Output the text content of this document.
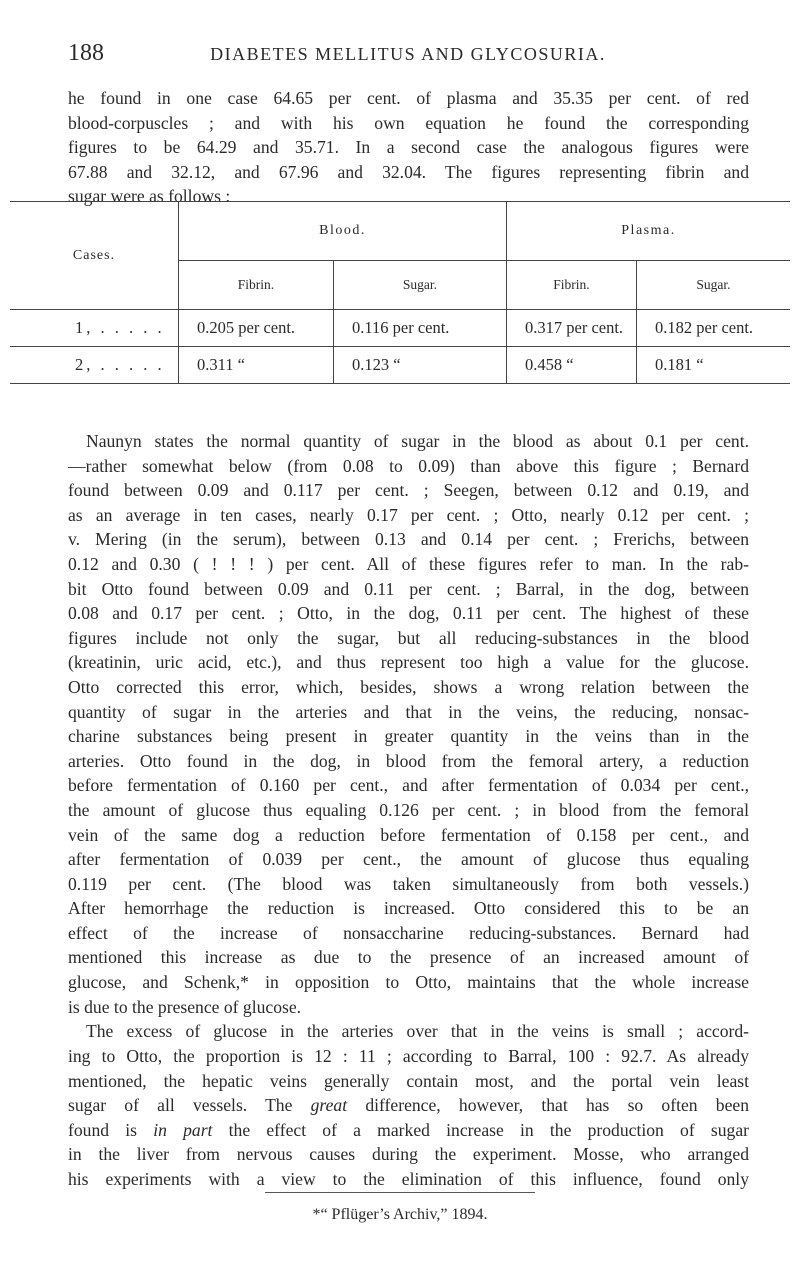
188	DIABETES MELLITUS AND GLYCOSURIA.
he found in one case 64.65 per cent. of plasma and 35.35 per cent. of red
blood-corpuscles ; and with his own equation he found the corresponding
figures to be 64.29 and 35.71. In a second case the analogous figures were
67.88 and 32.12, and 67.96 and 32.04. The figures representing fibrin and
sugar were as follows :

Cases.	Blood.		Plasma.	
	Fibrin.	Sugar.	Fibrin.	Sugar.
1, . . . . .	0.205 per cent.	0.116 per cent.	0.317 per cent.	0.182 per cent.
2, . . . . .	0.311 “	0.123 “	0.458 “	0.181 “

Naunyn states the normal quantity of sugar in the blood as about 0.1 per cent.
—rather somewhat below (from 0.08 to 0.09) than above this figure ; Bernard
found between 0.09 and 0.117 per cent. ; Seegen, between 0.12 and 0.19, and
as an average in ten cases, nearly 0.17 per cent. ; Otto, nearly 0.12 per cent. ;
v. Mering (in the serum), between 0.13 and 0.14 per cent. ; Frerichs, between
0.12 and 0.30 ( ! ! ! ) per cent. All of these figures refer to man. In the rab-
bit Otto found between 0.09 and 0.11 per cent. ; Barral, in the dog, between
0.08 and 0.17 per cent. ; Otto, in the dog, 0.11 per cent. The highest of these
figures include not only the sugar, but all reducing-substances in the blood
(kreatinin, uric acid, etc.), and thus represent too high a value for the glucose.
Otto corrected this error, which, besides, shows a wrong relation between the
quantity of sugar in the arteries and that in the veins, the reducing, nonsac-
charine substances being present in greater quantity in the veins than in the
arteries. Otto found in the dog, in blood from the femoral artery, a reduction
before fermentation of 0.160 per cent., and after fermentation of 0.034 per cent.,
the amount of glucose thus equaling 0.126 per cent. ; in blood from the femoral
vein of the same dog a reduction before fermentation of 0.158 per cent., and
after fermentation of 0.039 per cent., the amount of glucose thus equaling
0.119 per cent. (The blood was taken simultaneously from both vessels.)
After hemorrhage the reduction is increased. Otto considered this to be an
effect of the increase of nonsaccharine reducing-substances. Bernard had
mentioned this increase as due to the presence of an increased amount of
glucose, and Schenk,* in opposition to Otto, maintains that the whole increase
is due to the presence of glucose.
The excess of glucose in the arteries over that in the veins is small ; accord-
ing to Otto, the proportion is 12 : 11 ; according to Barral, 100 : 92.7. As already
mentioned, the hepatic veins generally contain most, and the portal vein least
sugar of all vessels. The great difference, however, that has so often been
found is in part the effect of a marked increase in the production of sugar
in the liver from nervous causes during the experiment. Mosse, who arranged
his experiments with a view to the elimination of this influence, found only
*“ Pflüger’s Archiv,” 1894.
